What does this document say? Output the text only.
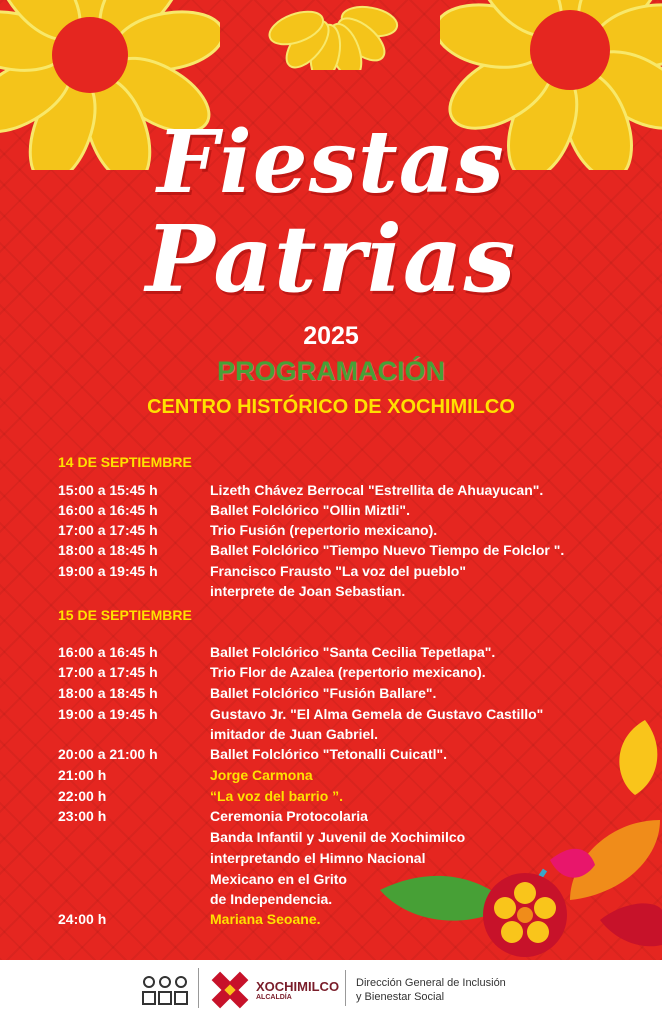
Fiestas
Patrias
2025
PROGRAMACIÓN
CENTRO HISTÓRICO DE XOCHIMILCO
14 DE SEPTIEMBRE
15:00 a 15:45 h	Lizeth Chávez Berrocal "Estrellita de Ahuayucan".
16:00 a 16:45 h	Ballet Folclórico "Ollin Miztli".
17:00 a 17:45 h	Trio Fusión (repertorio mexicano).
18:00 a 18:45 h	Ballet Folclórico "Tiempo Nuevo Tiempo de Folclor ".
19:00 a 19:45 h	Francisco Frausto "La voz del pueblo"
interprete de Joan Sebastian.
15 DE SEPTIEMBRE
16:00 a 16:45 h	Ballet Folclórico "Santa Cecilia Tepetlapa".
17:00 a 17:45 h	Trio Flor de Azalea (repertorio mexicano).
18:00 a 18:45 h	Ballet Folclórico "Fusión Ballare".
19:00 a 19:45 h	Gustavo Jr. "El Alma Gemela de Gustavo Castillo"
imitador de Juan Gabriel.
20:00 a 21:00 h	Ballet Folclórico "Tetonalli Cuicatl".
21:00 h	Jorge Carmona
22:00 h	“La voz del barrio ”.
23:00 h	Ceremonia Protocolaria
Banda Infantil y Juvenil de Xochimilco
interpretando el Himno Nacional
Mexicano en el Grito
de Independencia.
24:00 h	Mariana Seoane.
XOCHIMILCO
ALCALDÍA
Dirección General de Inclusión
y Bienestar Social
